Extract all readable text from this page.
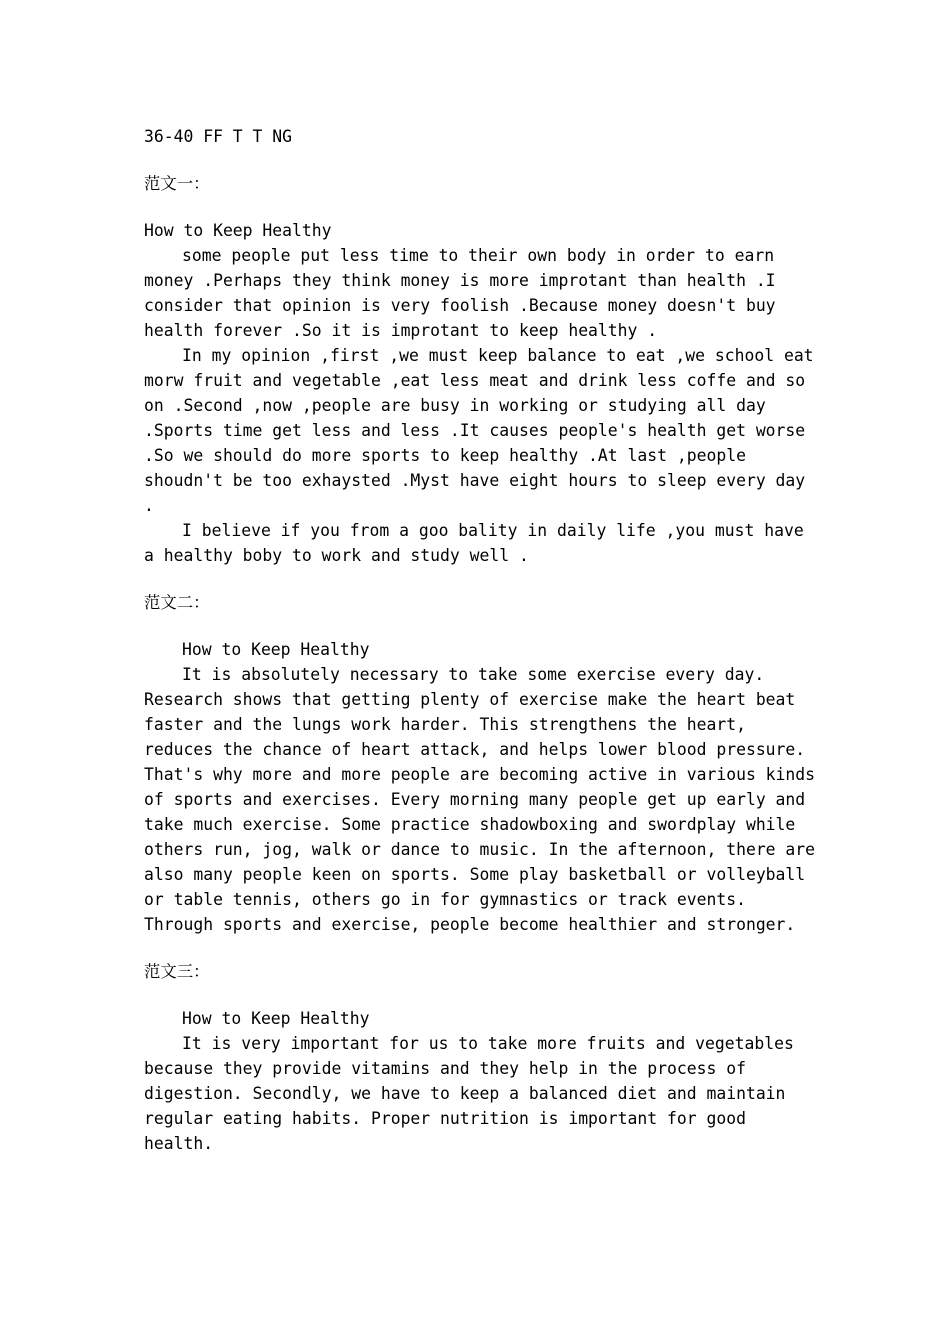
36-40 FF T T NG

范文一：

How to Keep Healthy

some people put less time to their own body in order to earn money .Perhaps they think money is more improtant than health .I consider that opinion is very foolish .Because money doesn't buy health forever .So it is improtant to keep healthy .

In my opinion ,first ,we must keep balance to eat ,we school eat morw fruit and vegetable ,eat less meat and drink less coffe and so on .Second ,now ,people are busy in working or studying all day .Sports time get less and less .It causes people's health get worse .So we should do more sports to keep healthy .At last ,people shoudn't be too exhaysted .Myst have eight hours to sleep every day .

I believe if you from a goo bality in daily life ,you must have a healthy boby to work and study well .

范文二：

How to Keep Healthy

It is absolutely necessary to take some exercise every day. Research shows that getting plenty of exercise make the heart beat faster and the lungs work harder. This strengthens the heart, reduces the chance of heart attack, and helps lower blood pressure. That's why more and more people are becoming active in various kinds of sports and exercises. Every morning many people get up early and take much exercise. Some practice shadowboxing and swordplay while others run, jog, walk or dance to music. In the afternoon, there are also many people keen on sports. Some play basketball or volleyball or table tennis, others go in for gymnastics or track events. Through sports and exercise, people become healthier and stronger.

范文三：

How to Keep Healthy

It is very important for us to take more fruits and vegetables because they provide vitamins and they help in the process of digestion. Secondly, we have to keep a balanced diet and maintain regular eating habits. Proper nutrition is important for good health.
